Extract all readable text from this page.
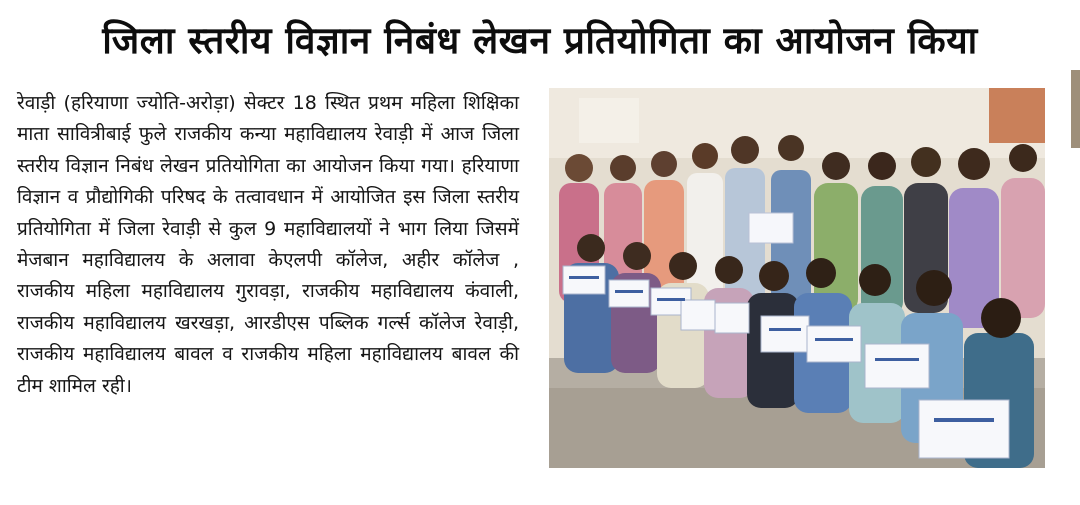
जिला स्तरीय विज्ञान निबंध लेखन प्रतियोगिता का आयोजन किया
रेवाड़ी (हरियाणा ज्योति-अरोड़ा) सेक्टर 18 स्थित प्रथम महिला शिक्षिका माता सावित्रीबाई फुले राजकीय कन्या महाविद्यालय रेवाड़ी में आज जिला स्तरीय विज्ञान निबंध लेखन प्रतियोगिता का आयोजन किया गया। हरियाणा विज्ञान व प्रौद्योगिकी परिषद के तत्वावधान में आयोजित इस जिला स्तरीय प्रतियोगिता में जिला रेवाड़ी से कुल 9 महाविद्यालयों ने भाग लिया जिसमें मेजबान महाविद्यालय के अलावा केएलपी कॉलेज, अहीर कॉलेज , राजकीय महिला महाविद्यालय गुरावड़ा, राजकीय महाविद्यालय कंवाली, राजकीय महाविद्यालय खरखड़ा, आरडीएस पब्लिक गर्ल्स कॉलेज रेवाड़ी, राजकीय महाविद्यालय बावल व राजकीय महिला महाविद्यालय बावल की टीम शामिल रही।
